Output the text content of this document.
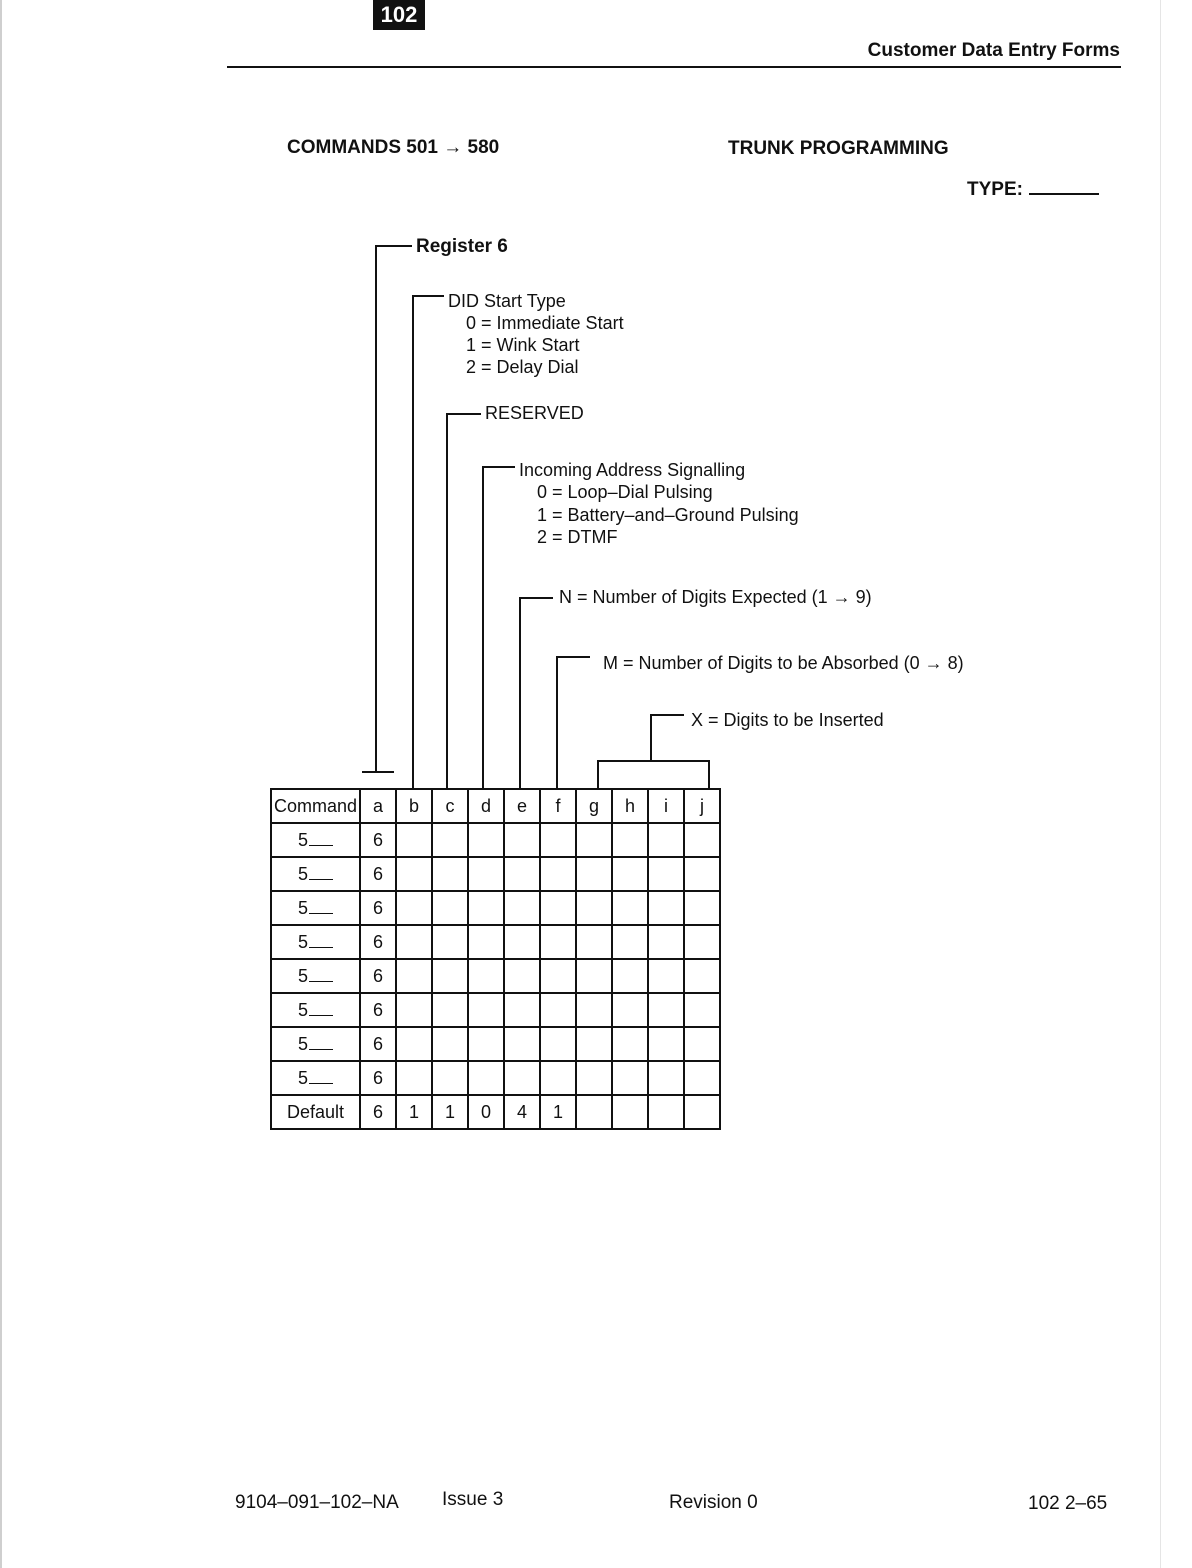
102
Customer Data Entry Forms
COMMANDS 501 → 580	TRUNK PROGRAMMING
TYPE:
Register 6
DID Start Type
0 = Immediate Start
1 = Wink Start
2 = Delay Dial
RESERVED
Incoming Address Signalling
0 = Loop–Dial Pulsing
1 = Battery–and–Ground Pulsing
2 = DTMF
N = Number of Digits Expected (1 → 9)
M = Number of Digits to be Absorbed (0 → 8)
X = Digits to be Inserted
Command	a	b	c	d	e	f	g	h	i	j
5	6									
5	6									
5	6									
5	6									
5	6									
5	6									
5	6									
5	6									
Default	6	1	1	0	4	1				
9104–091–102–NA Issue 3	Revision 0	102 2–65
